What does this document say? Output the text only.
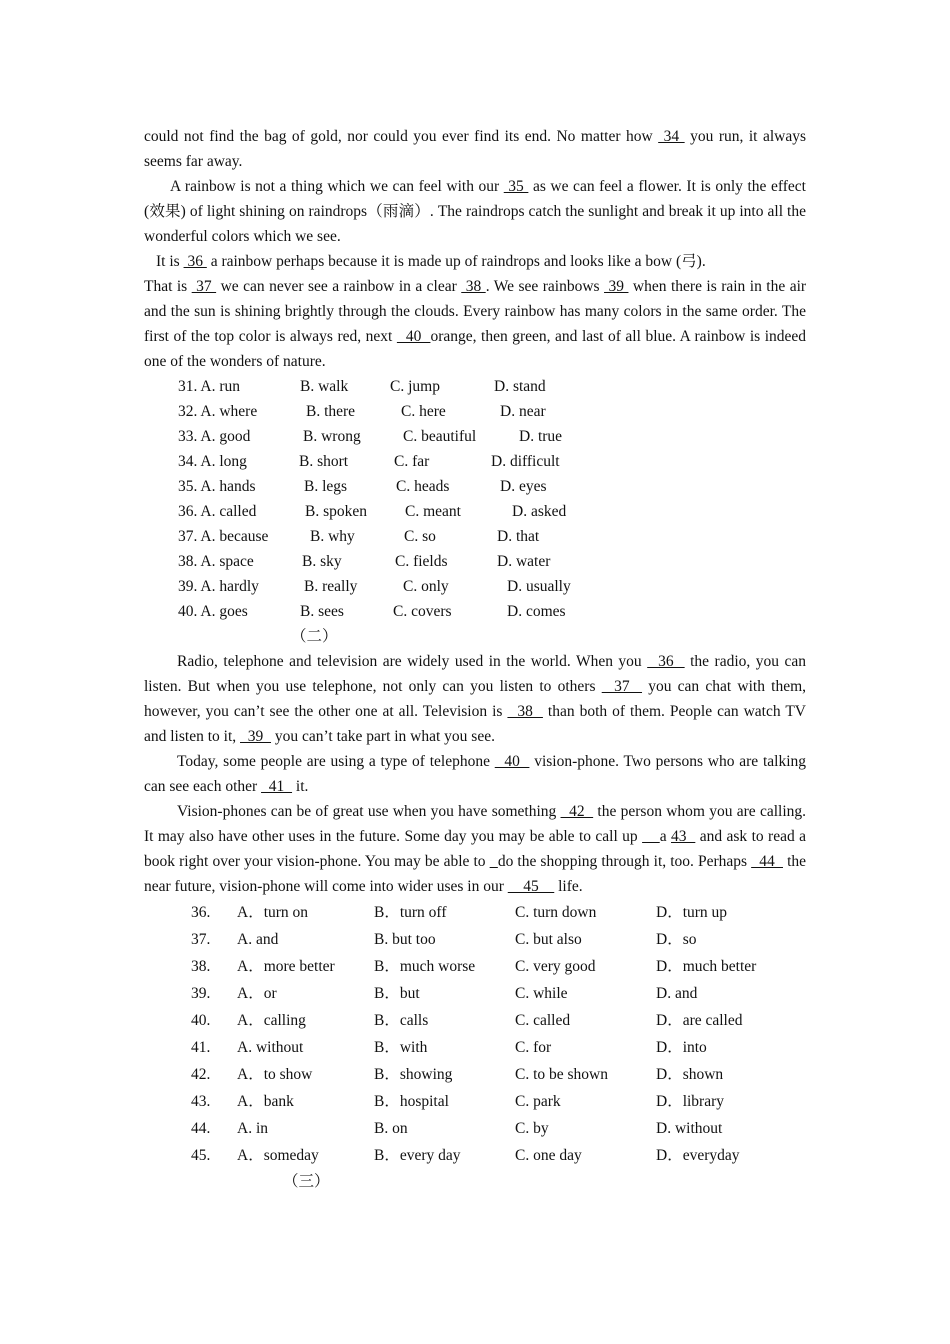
could not find the bag of gold, nor could you ever find its end. No matter how  34  you run, it always seems far away.

A rainbow is not a thing which we can feel with our  35  as we can feel a flower. It is only the effect (效果) of light shining on raindrops（雨滴）. The raindrops catch the sunlight and break it up into all the wonderful colors which we see.

It is  36  a rainbow perhaps because it is made up of raindrops and looks like a bow (弓).

That is  37  we can never see a rainbow in a clear  38 . We see rainbows  39  when there is rain in the air and the sun is shining brightly through the clouds. Every rainbow has many colors in the same order. The first of the top color is always red, next   40  orange, then green, and last of all blue. A rainbow is indeed one of the wonders of nature.

31. A. run	B. walk	C. jump	D. stand
32. A. where	B. there	C. here	D. near
33. A. good	B. wrong	C. beautiful	D. true
34. A. long	B. short	C. far	D. difficult
35. A. hands	B. legs	C. heads	D. eyes
36. A. called	B. spoken C. meant	D. asked
37. A. because	B. why	C. so	D. that
38. A. space	B. sky	C. fields	D. water
39. A. hardly	B. really	C. only	D. usually
40. A. goes	B. sees	C. covers	D. comes
（二）

Radio, telephone and television are widely used in the world. When you   36   the radio, you can listen. But when you use telephone, not only can you listen to others   37   you can chat with them, however, you can’t see the other one at all. Television is   38   than both of them. People can watch TV and listen to it,   39   you can’t take part in what you see.

Today, some people are using a type of telephone   40   vision-phone. Two persons who are talking can see each other   41   it.

Vision-phones can be of great use when you have something   42   the person whom you are calling. It may also have other uses in the future. Some day you may be able to call up     a 43   and ask to read a book right over your vision-phone. You may be able to   do the shopping through it, too. Perhaps   44   the near future, vision-phone will come into wider uses in our     45     life.

36. A．turn on	B．turn off	C. turn down	D．turn up
37. A. and	B. but too	C. but also	D．so
38. A．more better	B．much worse	C. very good	D．much better
39. A．or	B．but	C. while	D. and
40. A．calling	B．calls	C. called	D．are called
41. A. without	B．with	C. for	D．into
42. A．to show	B．showing	C. to be shown	D．shown
43. A．bank	B．hospital	C. park	D．library
44. A. in	B. on	C. by	D. without
45. A．someday	B．every day	C. one day	D．everyday
（三）
